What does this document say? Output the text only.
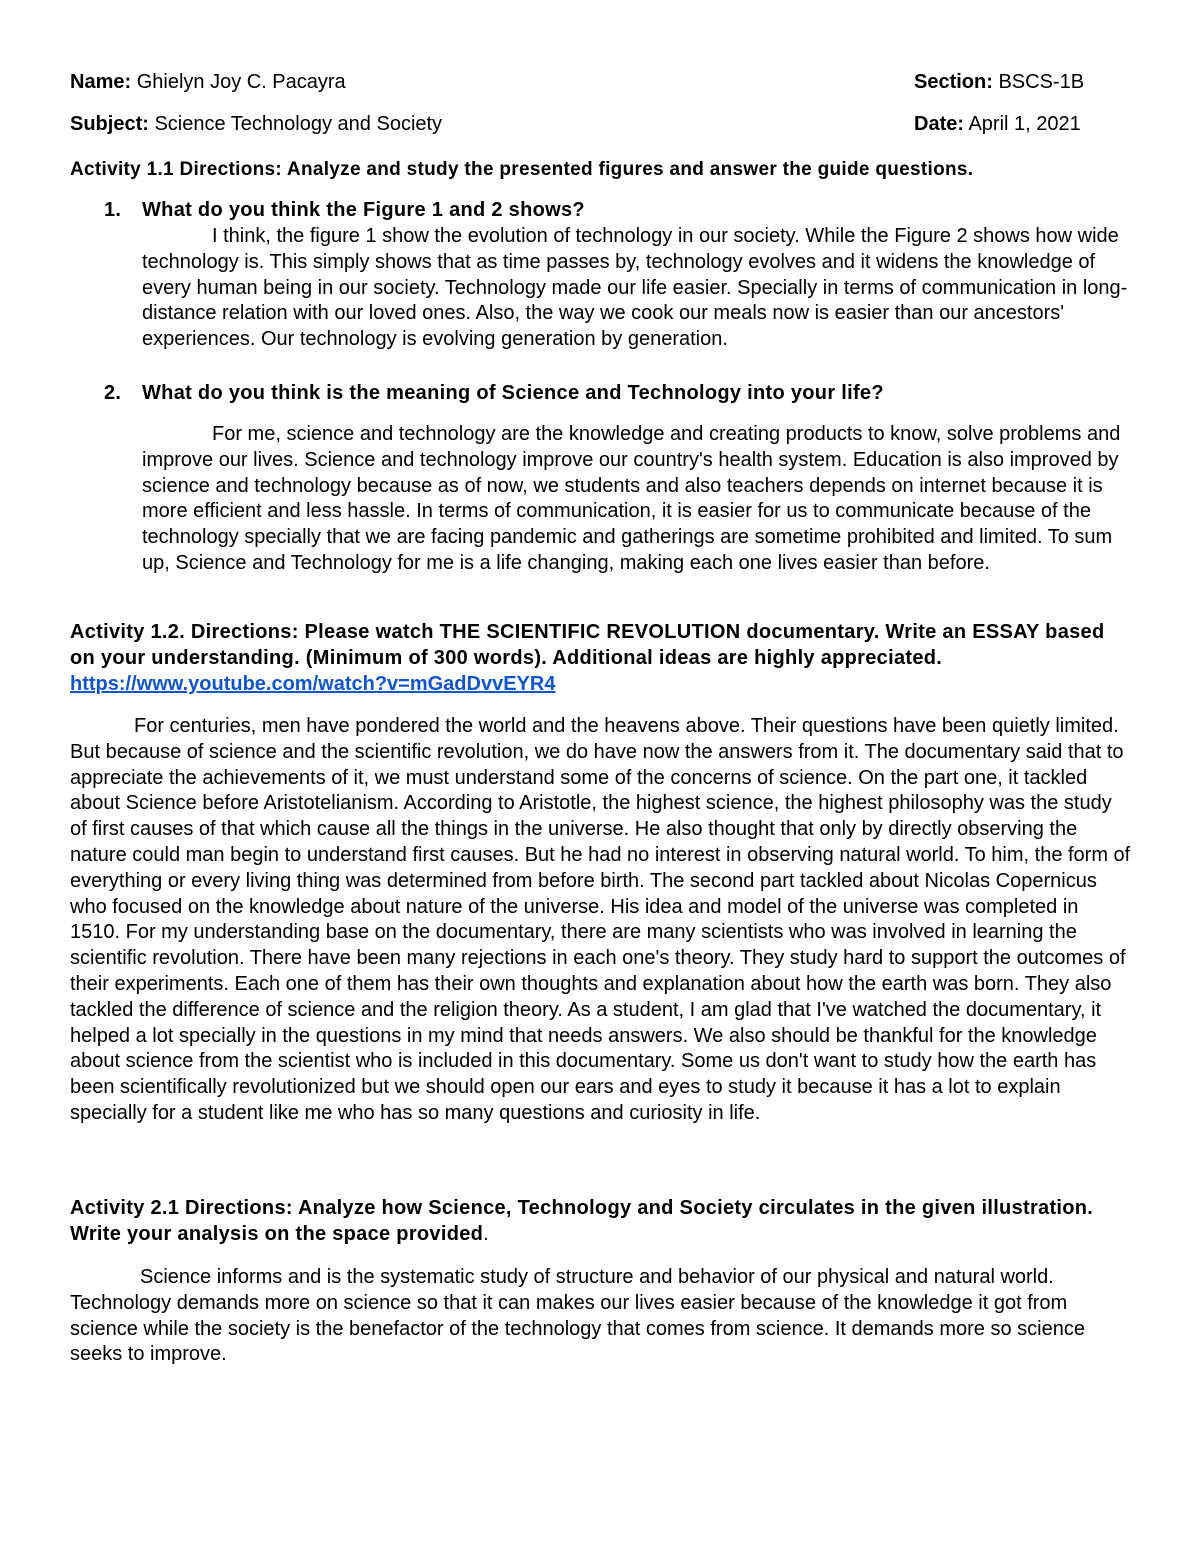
Name: Ghielyn Joy C. Pacayra	Section: BSCS-1B
Subject: Science Technology and Society	Date: April 1, 2021
Activity 1.1 Directions: Analyze and study the presented figures and answer the guide questions.
1. What do you think the Figure 1 and 2 shows?
I think, the figure 1 show the evolution of technology in our society. While the Figure 2 shows how wide technology is. This simply shows that as time passes by, technology evolves and it widens the knowledge of every human being in our society. Technology made our life easier. Specially in terms of communication in long-distance relation with our loved ones. Also, the way we cook our meals now is easier than our ancestors' experiences. Our technology is evolving generation by generation.
2. What do you think is the meaning of Science and Technology into your life?
For me, science and technology are the knowledge and creating products to know, solve problems and improve our lives. Science and technology improve our country's health system. Education is also improved by science and technology because as of now, we students and also teachers depends on internet because it is more efficient and less hassle. In terms of communication, it is easier for us to communicate because of the technology specially that we are facing pandemic and gatherings are sometime prohibited and limited. To sum up, Science and Technology for me is a life changing, making each one lives easier than before.
Activity 1.2. Directions: Please watch THE SCIENTIFIC REVOLUTION documentary. Write an ESSAY based on your understanding. (Minimum of 300 words). Additional ideas are highly appreciated.
https://www.youtube.com/watch?v=mGadDvvEYR4
For centuries, men have pondered the world and the heavens above. Their questions have been quietly limited. But because of science and the scientific revolution, we do have now the answers from it. The documentary said that to appreciate the achievements of it, we must understand some of the concerns of science. On the part one, it tackled about Science before Aristotelianism. According to Aristotle, the highest science, the highest philosophy was the study of first causes of that which cause all the things in the universe. He also thought that only by directly observing the nature could man begin to understand first causes. But he had no interest in observing natural world. To him, the form of everything or every living thing was determined from before birth. The second part tackled about Nicolas Copernicus who focused on the knowledge about nature of the universe. His idea and model of the universe was completed in 1510. For my understanding base on the documentary, there are many scientists who was involved in learning the scientific revolution. There have been many rejections in each one's theory. They study hard to support the outcomes of their experiments. Each one of them has their own thoughts and explanation about how the earth was born. They also tackled the difference of science and the religion theory. As a student, I am glad that I've watched the documentary, it helped a lot specially in the questions in my mind that needs answers. We also should be thankful for the knowledge about science from the scientist who is included in this documentary. Some us don't want to study how the earth has been scientifically revolutionized but we should open our ears and eyes to study it because it has a lot to explain specially for a student like me who has so many questions and curiosity in life.
Activity 2.1 Directions: Analyze how Science, Technology and Society circulates in the given illustration. Write your analysis on the space provided.
Science informs and is the systematic study of structure and behavior of our physical and natural world. Technology demands more on science so that it can makes our lives easier because of the knowledge it got from science while the society is the benefactor of the technology that comes from science. It demands more so science seeks to improve.
